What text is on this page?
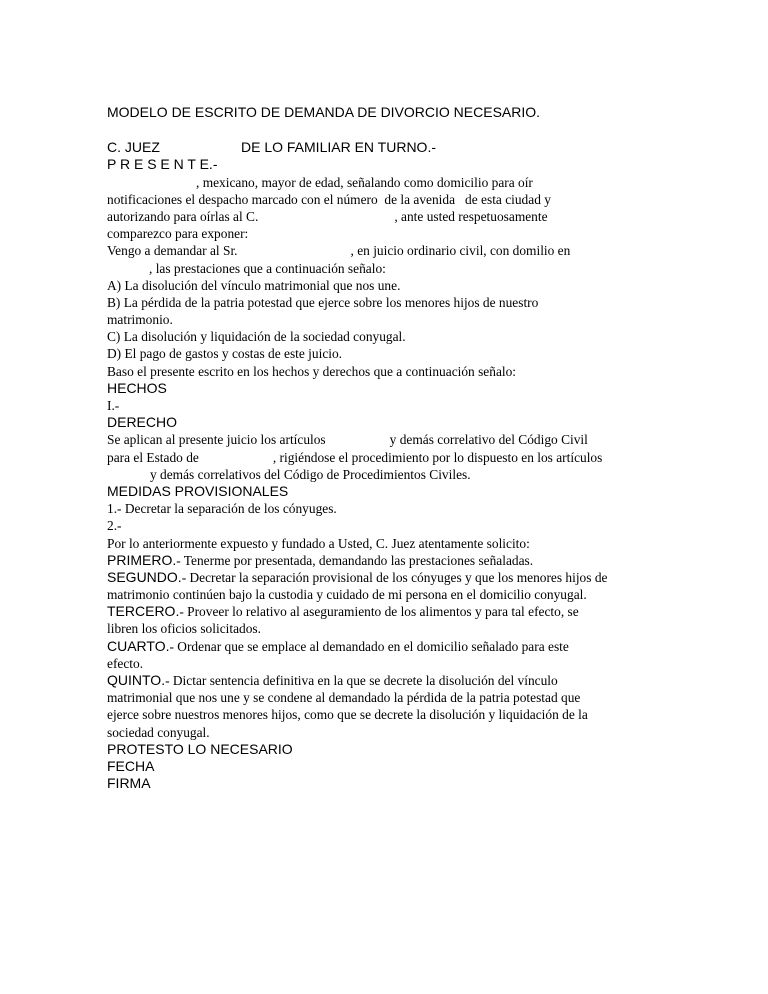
MODELO DE ESCRITO DE DEMANDA DE DIVORCIO NECESARIO.
C. JUEZ	DE LO FAMILIAR EN TURNO.-
P R E S E N T E.-
, mexicano, mayor de edad, señalando como domicilio para oír
notificaciones el despacho marcado con el número  de la avenida   de esta ciudad y
autorizando para oírlas al C.	, ante usted respetuosamente
comparezco para exponer:
Vengo a demandar al Sr.	, en juicio ordinario civil, con domilio en
, las prestaciones que a continuación señalo:
A) La disolución del vínculo matrimonial que nos une.
B) La pérdida de la patria potestad que ejerce sobre los menores hijos de nuestro
matrimonio.
C) La disolución y liquidación de la sociedad conyugal.
D) El pago de gastos y costas de este juicio.
Baso el presente escrito en los hechos y derechos que a continuación señalo:
HECHOS
I.-
DERECHO
Se aplican al presente juicio los artículos	y demás correlativo del Código Civil
para el Estado de	, rigiéndose el procedimiento por lo dispuesto en los artículos
y demás correlativos del Código de Procedimientos Civiles.
MEDIDAS PROVISIONALES
1.- Decretar la separación de los cónyuges.
2.-
Por lo anteriormente expuesto y fundado a Usted, C. Juez atentamente solicito:
PRIMERO.- Tenerme por presentada, demandando las prestaciones señaladas.
SEGUNDO.- Decretar la separación provisional de los cónyuges y que los menores hijos de
matrimonio continúen bajo la custodia y cuidado de mi persona en el domicilio conyugal.
TERCERO.- Proveer lo relativo al aseguramiento de los alimentos y para tal efecto, se
libren los oficios solicitados.
CUARTO.- Ordenar que se emplace al demandado en el domicilio señalado para este
efecto.
QUINTO.- Dictar sentencia definitiva en la que se decrete la disolución del vínculo
matrimonial que nos une y se condene al demandado la pérdida de la patria potestad que
ejerce sobre nuestros menores hijos, como que se decrete la disolución y liquidación de la
sociedad conyugal.
PROTESTO LO NECESARIO
FECHA
FIRMA
